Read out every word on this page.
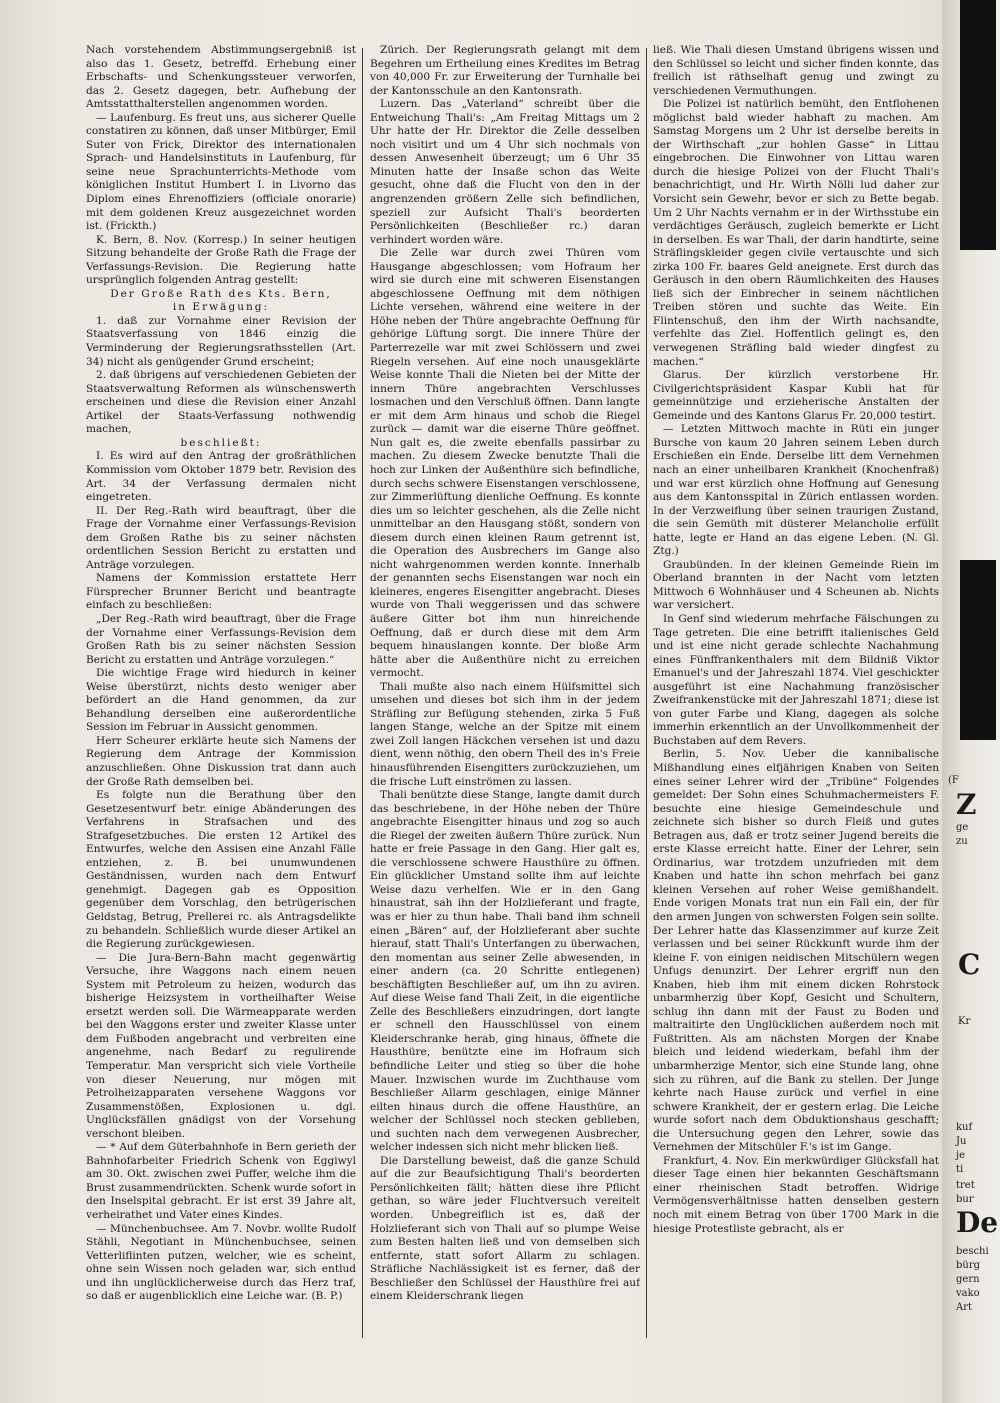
Nach vorstehendem Abstimmungsergebniß ist also das 1. Gesetz, betreffd. Erhebung einer Erbschafts- und Schenkungssteuer verworfen, das 2. Gesetz dagegen, betr. Aufhebung der Amtsstatthalterstellen angenommen worden.

— Laufenburg. Es freut uns, aus sicherer Quelle constatiren zu können, daß unser Mitbürger, Emil Suter von Frick, Direktor des internationalen Sprach- und Handelsinstituts in Laufenburg, für seine neue Sprachunterrichts-Methode vom königlichen Institut Humbert I. in Livorno das Diplom eines Ehrenoffiziers (officiale onorarie) mit dem goldenen Kreuz ausgezeichnet worden ist. (Frickth.)

K. Bern, 8. Nov. (Korresp.) In seiner heutigen Sitzung behandelte der Große Rath die Frage der Verfassungs-Revision. Die Regierung hatte ursprünglich folgenden Antrag gestellt:

Der Große Rath des Kts. Bern,

in Erwägung:

1. daß zur Vornahme einer Revision der Staatsverfassung von 1846 einzig die Verminderung der Regierungsrathsstellen (Art. 34) nicht als genügender Grund erscheint;

2. daß übrigens auf verschiedenen Gebieten der Staatsverwaltung Reformen als wünschenswerth erscheinen und diese die Revision einer Anzahl Artikel der Staats-Verfassung nothwendig machen,

beschließt:

I. Es wird auf den Antrag der großräthlichen Kommission vom Oktober 1879 betr. Revision des Art. 34 der Verfassung dermalen nicht eingetreten.

II. Der Reg.-Rath wird beauftragt, über die Frage der Vornahme einer Verfassungs-Revision dem Großen Rathe bis zu seiner nächsten ordentlichen Session Bericht zu erstatten und Anträge vorzulegen.

Namens der Kommission erstattete Herr Fürsprecher Brunner Bericht und beantragte einfach zu beschließen:

„Der Reg.-Rath wird beauftragt, über die Frage der Vornahme einer Verfassungs-Revision dem Großen Rath bis zu seiner nächsten Session Bericht zu erstatten und Anträge vorzulegen.“

Die wichtige Frage wird hiedurch in keiner Weise überstürzt, nichts desto weniger aber befördert an die Hand genommen, da zur Behandlung derselben eine außerordentliche Session im Februar in Aussicht genommen.

Herr Scheurer erklärte heute sich Namens der Regierung dem Antrage der Kommission anzuschließen. Ohne Diskussion trat dann auch der Große Rath demselben bei.

Es folgte nun die Berathung über den Gesetzesentwurf betr. einige Abänderungen des Verfahrens in Strafsachen und des Strafgesetzbuches. Die ersten 12 Artikel des Entwurfes, welche den Assisen eine Anzahl Fälle entziehen, z. B. bei unumwundenen Geständnissen, wurden nach dem Entwurf genehmigt. Dagegen gab es Opposition gegenüber dem Vorschlag, den betrügerischen Geldstag, Betrug, Prellerei rc. als Antragsdelikte zu behandeln. Schließlich wurde dieser Artikel an die Regierung zurückgewiesen.

— Die Jura-Bern-Bahn macht gegenwärtig Versuche, ihre Waggons nach einem neuen System mit Petroleum zu heizen, wodurch das bisherige Heizsystem in vortheilhafter Weise ersetzt werden soll. Die Wärmeapparate werden bei den Waggons erster und zweiter Klasse unter dem Fußboden angebracht und verbreiten eine angenehme, nach Bedarf zu regulirende Temperatur. Man verspricht sich viele Vortheile von dieser Neuerung, nur mögen mit Petrolheizapparaten versehene Waggons vor Zusammenstößen, Explosionen u. dgl. Unglücksfällen gnädigst von der Vorsehung verschont bleiben.

— * Auf dem Güterbahnhofe in Bern gerieth der Bahnhofarbeiter Friedrich Schenk von Eggiwyl am 30. Okt. zwischen zwei Puffer, welche ihm die Brust zusammendrückten. Schenk wurde sofort in den Inselspital gebracht. Er ist erst 39 Jahre alt, verheirathet und Vater eines Kindes.

— Münchenbuchsee. Am 7. Novbr. wollte Rudolf Stähli, Negotiant in Münchenbuchsee, seinen Vetterliflinten putzen, welcher, wie es scheint, ohne sein Wissen noch geladen war, sich entlud und ihn unglücklicherweise durch das Herz traf, so daß er augenblicklich eine Leiche war. (B. P.)

Zürich. Der Regierungsrath gelangt mit dem Begehren um Ertheilung eines Kredites im Betrag von 40,000 Fr. zur Erweiterung der Turnhalle bei der Kantonsschule an den Kantonsrath.

Luzern. Das „Vaterland“ schreibt über die Entweichung Thali's: „Am Freitag Mittags um 2 Uhr hatte der Hr. Direktor die Zelle desselben noch visitirt und um 4 Uhr sich nochmals von dessen Anwesenheit überzeugt; um 6 Uhr 35 Minuten hatte der Insaße schon das Weite gesucht, ohne daß die Flucht von den in der angrenzenden größern Zelle sich befindlichen, speziell zur Aufsicht Thali's beorderten Persönlichkeiten (Beschließer rc.) daran verhindert worden wäre.

Die Zelle war durch zwei Thüren vom Hausgange abgeschlossen; vom Hofraum her wird sie durch eine mit schweren Eisenstangen abgeschlossene Oeffnung mit dem nöthigen Lichte versehen, während eine weitere in der Höhe neben der Thüre angebrachte Oeffnung für gehörige Lüftung sorgt. Die innere Thüre der Parterrezelle war mit zwei Schlössern und zwei Riegeln versehen. Auf eine noch unausgeklärte Weise konnte Thali die Nieten bei der Mitte der innern Thüre angebrachten Verschlusses losmachen und den Verschluß öffnen. Dann langte er mit dem Arm hinaus und schob die Riegel zurück — damit war die eiserne Thüre geöffnet. Nun galt es, die zweite ebenfalls passirbar zu machen. Zu diesem Zwecke benutzte Thali die hoch zur Linken der Außenthüre sich befindliche, durch sechs schwere Eisenstangen verschlossene, zur Zimmerlüftung dienliche Oeffnung. Es konnte dies um so leichter geschehen, als die Zelle nicht unmittelbar an den Hausgang stößt, sondern von diesem durch einen kleinen Raum getrennt ist, die Operation des Ausbrechers im Gange also nicht wahrgenommen werden konnte. Innerhalb der genannten sechs Eisenstangen war noch ein kleineres, engeres Eisengitter angebracht. Dieses wurde von Thali weggerissen und das schwere äußere Gitter bot ihm nun hinreichende Oeffnung, daß er durch diese mit dem Arm bequem hinauslangen konnte. Der bloße Arm hätte aber die Außenthüre nicht zu erreichen vermocht.

Thali mußte also nach einem Hülfsmittel sich umsehen und dieses bot sich ihm in der jedem Sträfling zur Befügung stehenden, zirka 5 Fuß langen Stange, welche an der Spitze mit einem zwei Zoll langen Häckchen versehen ist und dazu dient, wenn nöthig, den obern Theil des in's Freie hinausführenden Eisengitters zurückzuziehen, um die frische Luft einströmen zu lassen.

Thali benützte diese Stange, langte damit durch das beschriebene, in der Höhe neben der Thüre angebrachte Eisengitter hinaus und zog so auch die Riegel der zweiten äußern Thüre zurück. Nun hatte er freie Passage in den Gang. Hier galt es, die verschlossene schwere Hausthüre zu öffnen. Ein glücklicher Umstand sollte ihm auf leichte Weise dazu verhelfen. Wie er in den Gang hinaustrat, sah ihn der Holzlieferant und fragte, was er hier zu thun habe. Thali band ihm schnell einen „Bären“ auf, der Holzlieferant aber suchte hierauf, statt Thali's Unterfangen zu überwachen, den momentan aus seiner Zelle abwesenden, in einer andern (ca. 20 Schritte entlegenen) beschäftigten Beschließer auf, um ihn zu aviren. Auf diese Weise fand Thali Zeit, in die eigentliche Zelle des Beschließers einzudringen, dort langte er schnell den Hausschlüssel von einem Kleiderschranke herab, ging hinaus, öffnete die Hausthüre, benützte eine im Hofraum sich befindliche Leiter und stieg so über die hohe Mauer. Inzwischen wurde im Zuchthause vom Beschließer Allarm geschlagen, einige Männer eilten hinaus durch die offene Hausthüre, an welcher der Schlüssel noch stecken geblieben, und suchten nach dem verwegenen Ausbrecher, welcher indessen sich nicht mehr blicken ließ.

Die Darstellung beweist, daß die ganze Schuld auf die zur Beaufsichtigung Thali's beorderten Persönlichkeiten fällt; hätten diese ihre Pflicht gethan, so wäre jeder Fluchtversuch vereitelt worden. Unbegreiflich ist es, daß der Holzlieferant sich von Thali auf so plumpe Weise zum Besten halten ließ und von demselben sich entfernte, statt sofort Allarm zu schlagen. Sträfliche Nachlässigkeit ist es ferner, daß der Beschließer den Schlüssel der Hausthüre frei auf einem Kleiderschrank liegen

ließ. Wie Thali diesen Umstand übrigens wissen und den Schlüssel so leicht und sicher finden konnte, das freilich ist räthselhaft genug und zwingt zu verschiedenen Vermuthungen.

Die Polizei ist natürlich bemüht, den Entflohenen möglichst bald wieder habhaft zu machen. Am Samstag Morgens um 2 Uhr ist derselbe bereits in der Wirthschaft „zur hohlen Gasse“ in Littau eingebrochen. Die Einwohner von Littau waren durch die hiesige Polizei von der Flucht Thali's benachrichtigt, und Hr. Wirth Nölli lud daher zur Vorsicht sein Gewehr, bevor er sich zu Bette begab. Um 2 Uhr Nachts vernahm er in der Wirthsstube ein verdächtiges Geräusch, zugleich bemerkte er Licht in derselben. Es war Thali, der darin handtirte, seine Sträflingskleider gegen civile vertauschte und sich zirka 100 Fr. baares Geld aneignete. Erst durch das Geräusch in den obern Räumlichkeiten des Hauses ließ sich der Einbrecher in seinem nächtlichen Treiben stören und suchte das Weite. Ein Flintenschuß, den ihm der Wirth nachsandte, verfehlte das Ziel. Hoffentlich gelingt es, den verwegenen Sträfling bald wieder dingfest zu machen.“

Glarus. Der kürzlich verstorbene Hr. Civilgerichtspräsident Kaspar Kubli hat für gemeinnützige und erzieherische Anstalten der Gemeinde und des Kantons Glarus Fr. 20,000 testirt.

— Letzten Mittwoch machte in Rüti ein junger Bursche von kaum 20 Jahren seinem Leben durch Erschießen ein Ende. Derselbe litt dem Vernehmen nach an einer unheilbaren Krankheit (Knochenfraß) und war erst kürzlich ohne Hoffnung auf Genesung aus dem Kantonsspital in Zürich entlassen worden. In der Verzweiflung über seinen traurigen Zustand, die sein Gemüth mit düsterer Melancholie erfüllt hatte, legte er Hand an das eigene Leben. (N. Gl. Ztg.)

Graubünden. In der kleinen Gemeinde Riein im Oberland brannten in der Nacht vom letzten Mittwoch 6 Wohnhäuser und 4 Scheunen ab. Nichts war versichert.

In Genf sind wiederum mehrfache Fälschungen zu Tage getreten. Die eine betrifft italienisches Geld und ist eine nicht gerade schlechte Nachahmung eines Fünffrankenthalers mit dem Bildniß Viktor Emanuel's und der Jahreszahl 1874. Viel geschickter ausgeführt ist eine Nachahmung französischer Zweifrankenstücke mit der Jahreszahl 1871; diese ist von guter Farbe und Klang, dagegen als solche immerhin erkenntlich an der Unvollkommenheit der Buchstaben auf dem Revers.

Berlin, 5. Nov. Ueber die kannibalische Mißhandlung eines elfjährigen Knaben von Seiten eines seiner Lehrer wird der „Tribüne“ Folgendes gemeldet: Der Sohn eines Schuhmachermeisters F. besuchte eine hiesige Gemeindeschule und zeichnete sich bisher so durch Fleiß und gutes Betragen aus, daß er trotz seiner Jugend bereits die erste Klasse erreicht hatte. Einer der Lehrer, sein Ordinarius, war trotzdem unzufrieden mit dem Knaben und hatte ihn schon mehrfach bei ganz kleinen Versehen auf roher Weise gemißhandelt. Ende vorigen Monats trat nun ein Fall ein, der für den armen Jungen von schwersten Folgen sein sollte. Der Lehrer hatte das Klassenzimmer auf kurze Zeit verlassen und bei seiner Rückkunft wurde ihm der kleine F. von einigen neidischen Mitschülern wegen Unfugs denunzirt. Der Lehrer ergriff nun den Knaben, hieb ihm mit einem dicken Rohrstock unbarmherzig über Kopf, Gesicht und Schultern, schlug ihn dann mit der Faust zu Boden und maltraitirte den Unglücklichen außerdem noch mit Fußtritten. Als am nächsten Morgen der Knabe bleich und leidend wiederkam, befahl ihm der unbarmherzige Mentor, sich eine Stunde lang, ohne sich zu rühren, auf die Bank zu stellen. Der Junge kehrte nach Hause zurück und verfiel in eine schwere Krankheit, der er gestern erlag. Die Leiche wurde sofort nach dem Obduktionshaus geschafft; die Untersuchung gegen den Lehrer, sowie das Vernehmen der Mitschüler F.'s ist im Gange.

Frankfurt, 4. Nov. Ein merkwürdiger Glücksfall hat dieser Tage einen hier bekannten Geschäftsmann einer rheinischen Stadt betroffen. Widrige Vermögensverhältnisse hatten denselben gestern noch mit einem Betrag von über 1700 Mark in die hiesige Protestliste gebracht, als er

(F
Z
ge
zu
C
Kr
kuf
Ju
je
ti
tret
bur
De
beschi
bürg
gern
vako
Art
